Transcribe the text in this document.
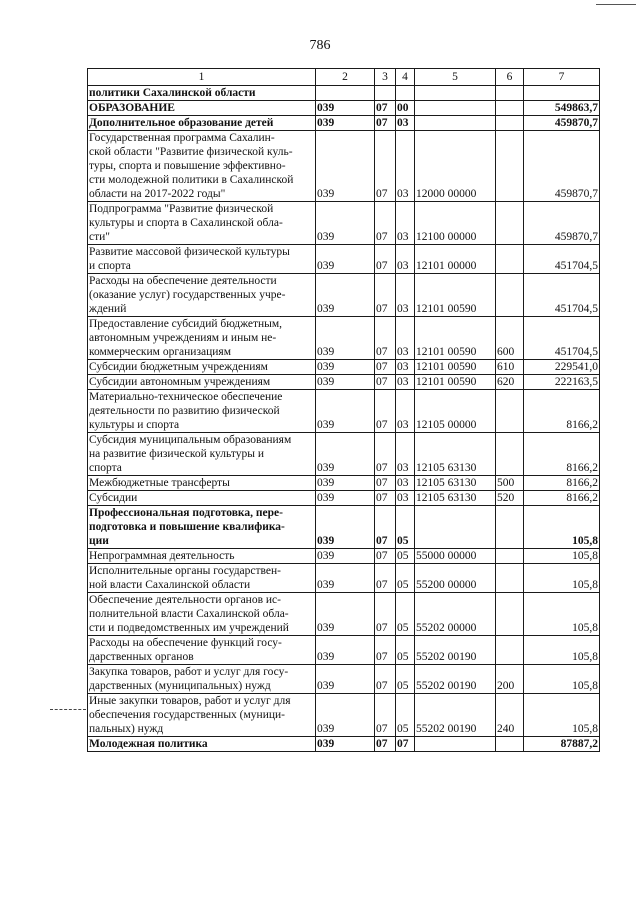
786
1	2	3	4	5	6	7

политики Сахалинской области						

ОБРАЗОВАНИЕ	039	07	00			549863,7

Дополнительное образование детей	039	07	03			459870,7

Государственная программа Сахалин-
ской области "Развитие физической куль-
туры, спорта и повышение эффективно-
сти молодежной политики в Сахалинской
области на 2017-2022 годы"	039	07	03	12000 00000		459870,7

Подпрограмма "Развитие физической
культуры и спорта в Сахалинской обла-
сти"	039	07	03	12100 00000		459870,7

Развитие массовой физической культуры
и спорта	039	07	03	12101 00000		451704,5

Расходы на обеспечение деятельности
(оказание услуг) государственных учре-
ждений	039	07	03	12101 00590		451704,5

Предоставление субсидий бюджетным,
автономным учреждениям и иным не-
коммерческим организациям	039	07	03	12101 00590	600	451704,5

Субсидии бюджетным учреждениям	039	07	03	12101 00590	610	229541,0

Субсидии автономным учреждениям	039	07	03	12101 00590	620	222163,5

Материально-техническое обеспечение
деятельности по развитию физической
культуры и спорта	039	07	03	12105 00000		8166,2

Субсидия муниципальным образованиям
на развитие физической культуры и
спорта	039	07	03	12105 63130		8166,2

Межбюджетные трансферты	039	07	03	12105 63130	500	8166,2

Субсидии	039	07	03	12105 63130	520	8166,2

Профессиональная подготовка, пере-
подготовка и повышение квалифика-
ции	039	07	05			105,8

Непрограммная деятельность	039	07	05	55000 00000		105,8

Исполнительные органы государствен-
ной власти Сахалинской области	039	07	05	55200 00000		105,8

Обеспечение деятельности органов ис-
полнительной власти Сахалинской обла-
сти и подведомственных им учреждений	039	07	05	55202 00000		105,8

Расходы на обеспечение функций госу-
дарственных органов	039	07	05	55202 00190		105,8

Закупка товаров, работ и услуг для госу-
дарственных (муниципальных) нужд	039	07	05	55202 00190	200	105,8

Иные закупки товаров, работ и услуг для
обеспечения государственных (муници-
пальных) нужд	039	07	05	55202 00190	240	105,8

Молодежная политика	039	07	07			87887,2
